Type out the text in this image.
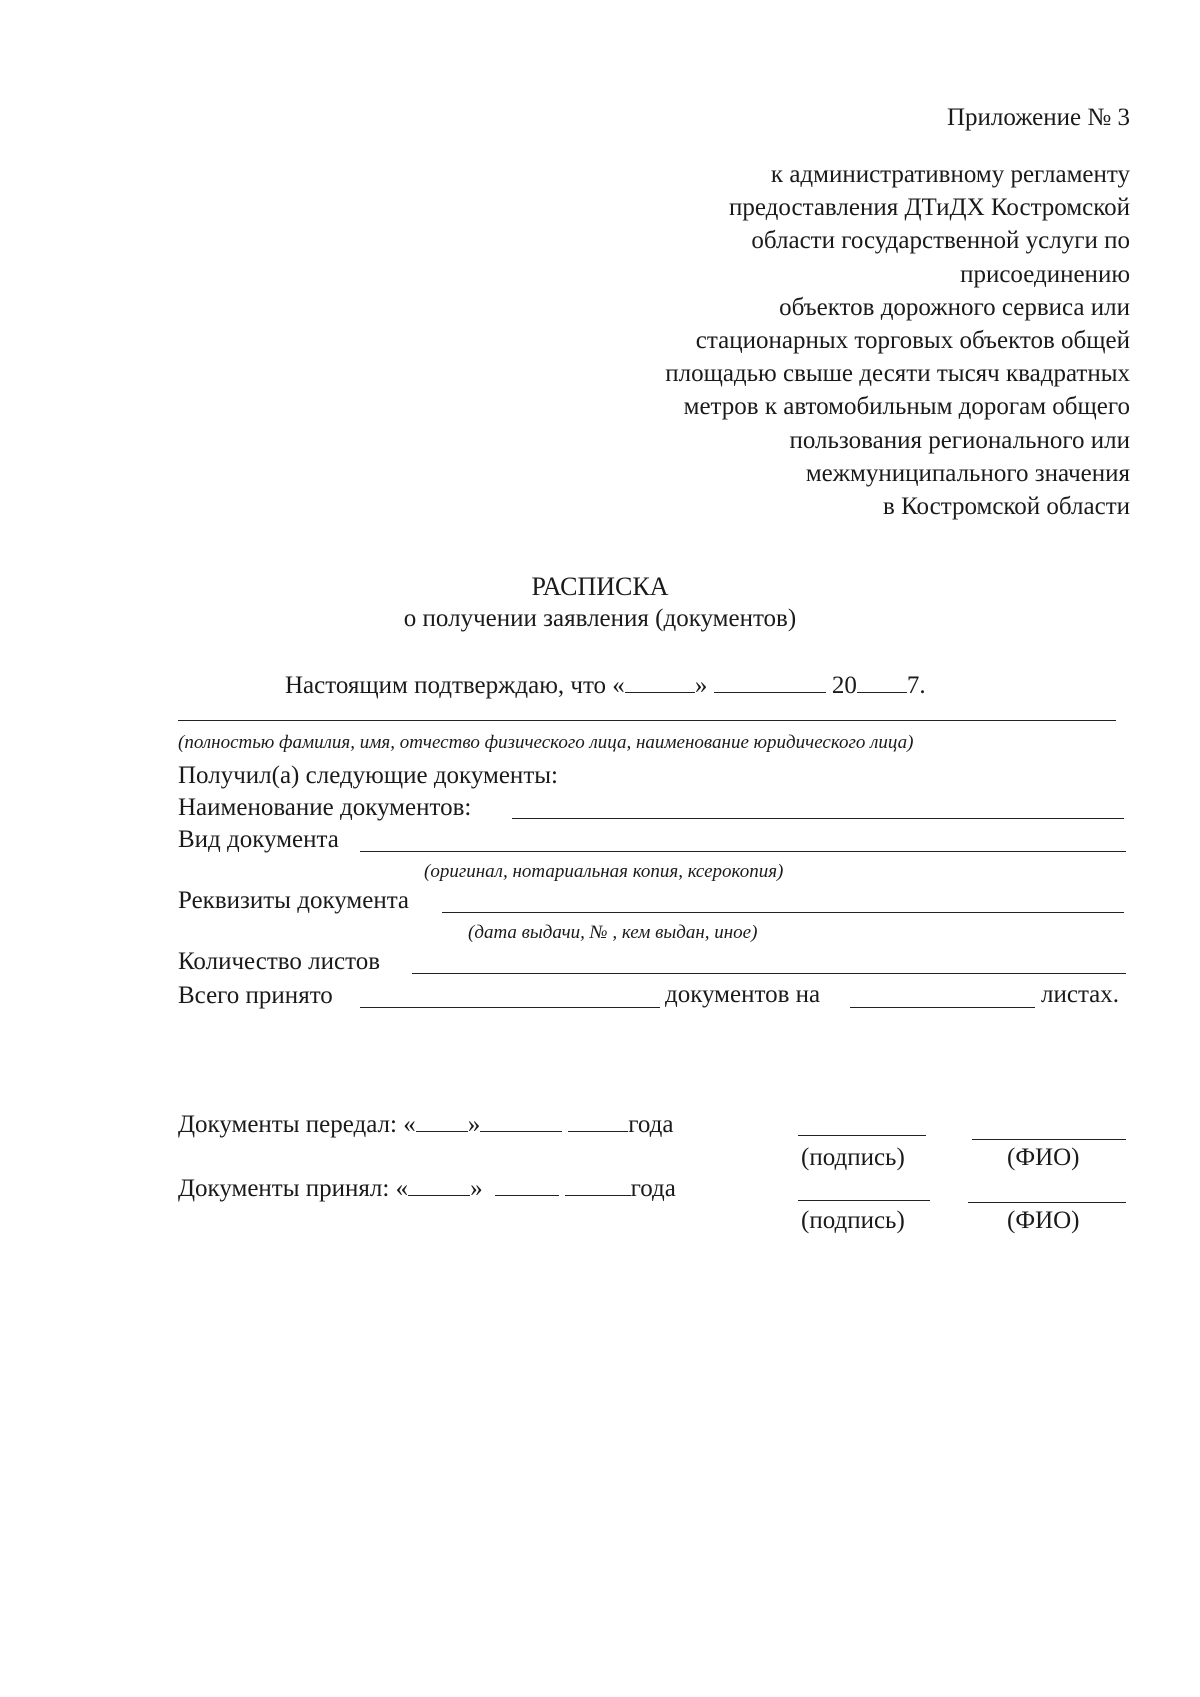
Приложение № 3
к административному регламенту
предоставления ДТиДХ Костромской
области государственной услуги по
присоединению
объектов дорожного сервиса или
стационарных торговых объектов общей
площадью свыше десяти тысяч квадратных
метров к автомобильным дорогам общего
пользования регионального или
межмуниципального значения
в Костромской области
РАСПИСКА
о получении заявления (документов)
Настоящим подтверждаю, что «	»	20 7.
(полностью фамилия, имя, отчество физического лица, наименование юридического лица)
Получил(а) следующие документы:
Наименование документов:
Вид документа
(оригинал, нотариальная копия, ксерокопия)
Реквизиты документа
(дата выдачи, № , кем выдан, иное)
Количество листов
Всего принято	документов на	листах.
Документы передал: « »	года
(подпись)	(ФИО)
Документы принял: « »	года
(подпись)	(ФИО)
